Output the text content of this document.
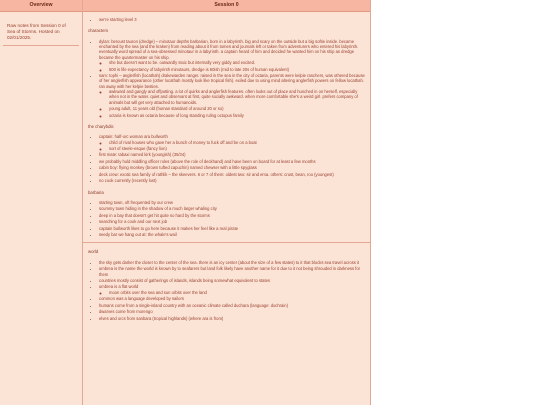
Overview
Raw notes from Session 0 of Sea of Storms. Hosted on 02/01/2025.
Session 0
• we're starting level 3
characters
• dylan: beroust tauron (dredge) – minotaur depths barbarian, born in a labyrinth. big and scary on the outside but a big softie inside. became enchanted by the sea (and the kraken) from reading about it from tomes and journals left or taken from adventurers who entered his labyrinth. eventually word spread of a sea-obsessed minotaur in a labyrinth. a captain heard of him and decided he wanted him on his ship as dredge became the quartermaster on his ship.
◦ she but doesn't want to be. outwardly stoic but internally very giddy and excited.
◦ 500 is life expectancy of labyrinth minotaurs, dredge is 60ish (mid to late 20s of human equivalent)
• sam: tophi – anglerfish (locathah) drakewarden ranger. raised in the sea in the city of octaria, parents were kelpie ranchers, was othered because of her anglerfish appearance (other locathah mostly look like tropical fish). exiled due to using mind altering anglerfish powers on fellow locathah. ran away with her kelpie besties.
◦ awkward and gangly and offputting. a lot of quirks and anglerfish features. often looks out of place and hunched in on herself, especially when not in the water. quiet and observant at first, quite socially awkward. when more comfortable she's a weird girl. prefers company of animals but will get very attached to humanoids.
◦ young adult, 11 years old (human standard of around 20 or so)
◦ octaria is known as octaria because of long standing ruling octopus family
the charybdis
• captain: half-orc woman ara bullworth
◦ child of rival houses who gave her a bunch of money to fuck off and be on a boat
◦ sort of steele-esque (fancy lion)
• first mate: tabaxi named kirk (youngish) (35/34)
• we probably hold middling officer roles (above the role of deckhand) and have been on board for at least a few months
• cabin boy: flying monkey (brown tufted capuchin) named chewser with a little spyglass
• deck crew: exotic sea family of rathlik – the skeevers. 6 or 7 of them: oldest two: sir and ema. others: crust, bean, roo (youngest)
• no cook currently (recently lost)
barbaria
• starting town, oft frequented by our crew
• scummy town hiding in the shadow of a much larger whaling city
• deep in a bay that doesn't get hit quite so hard by the storms
• searching for a cook and our next job
• captain bullworth likes to go here because it makes her feel like a real pirate
• seedy bar we hang out at: the whale's wail
world
• the sky gets darker the closer to the center of the sea. there is an icy center (about the size of a few states) to it that blocks sea travel across it
• umbrea is the name the world is known by to seafarers but land folk likely have another name for it due to it not being shrouded in darkness for them
• countries mostly consist of gatherings of islands, islands being somewhat equivalent to states
• umbrea is a flat world
◦ moon orbits over the sea and sun orbits over the land
• common was a language developed by sailors
• humans come from a single-island country with an oceanic climate called duchara (language: dochrain)
• dwarves come from morengo
• elves and orcs from sanbara (tropical highlands) (where ara is from)
